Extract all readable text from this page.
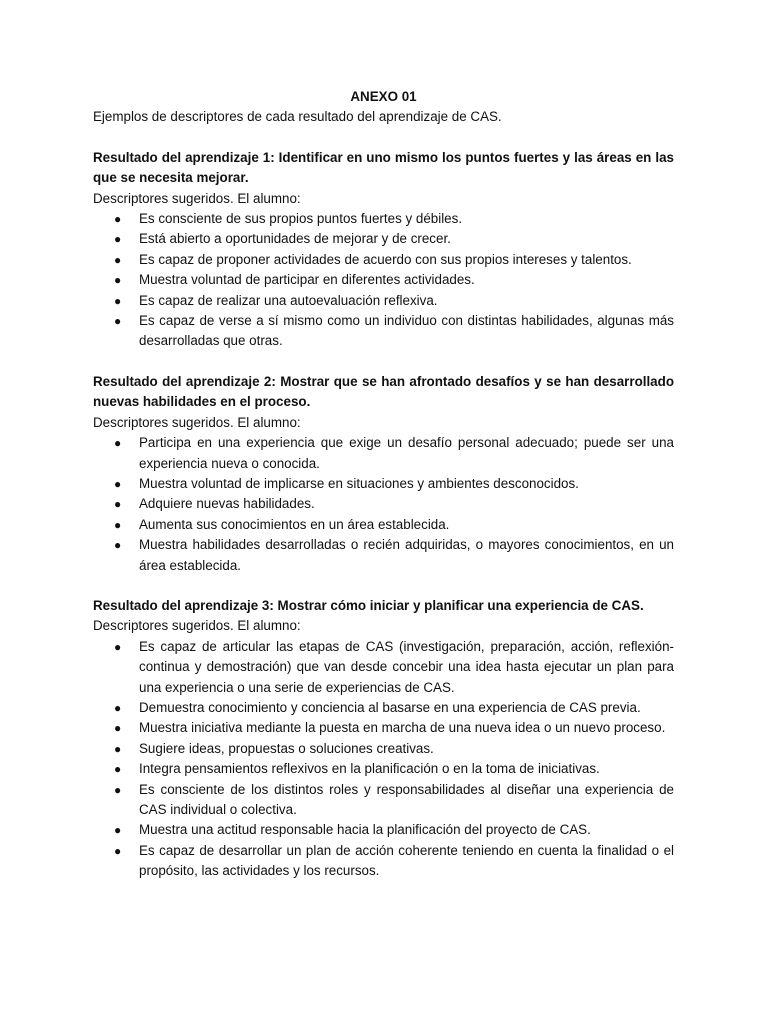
ANEXO 01

Ejemplos de descriptores de cada resultado del aprendizaje de CAS.

Resultado del aprendizaje 1: Identificar en uno mismo los puntos fuertes y las áreas en las que se necesita mejorar.

Descriptores sugeridos. El alumno:

● Es consciente de sus propios puntos fuertes y débiles.
● Está abierto a oportunidades de mejorar y de crecer.
● Es capaz de proponer actividades de acuerdo con sus propios intereses y talentos.
● Muestra voluntad de participar en diferentes actividades.
● Es capaz de realizar una autoevaluación reflexiva.
● Es capaz de verse a sí mismo como un individuo con distintas habilidades, algunas más desarrolladas que otras.

Resultado del aprendizaje 2: Mostrar que se han afrontado desafíos y se han desarrollado nuevas habilidades en el proceso.

Descriptores sugeridos. El alumno:

● Participa en una experiencia que exige un desafío personal adecuado; puede ser una experiencia nueva o conocida.
● Muestra voluntad de implicarse en situaciones y ambientes desconocidos.
● Adquiere nuevas habilidades.
● Aumenta sus conocimientos en un área establecida.
● Muestra habilidades desarrolladas o recién adquiridas, o mayores conocimientos, en un área establecida.

Resultado del aprendizaje 3: Mostrar cómo iniciar y planificar una experiencia de CAS.

Descriptores sugeridos. El alumno:

● Es capaz de articular las etapas de CAS (investigación, preparación, acción, reflexión-continua y demostración) que van desde concebir una idea hasta ejecutar un plan para una experiencia o una serie de experiencias de CAS.
● Demuestra conocimiento y conciencia al basarse en una experiencia de CAS previa.
● Muestra iniciativa mediante la puesta en marcha de una nueva idea o un nuevo proceso.
● Sugiere ideas, propuestas o soluciones creativas.
● Integra pensamientos reflexivos en la planificación o en la toma de iniciativas.
● Es consciente de los distintos roles y responsabilidades al diseñar una experiencia de CAS individual o colectiva.
● Muestra una actitud responsable hacia la planificación del proyecto de CAS.
● Es capaz de desarrollar un plan de acción coherente teniendo en cuenta la finalidad o el propósito, las actividades y los recursos.
